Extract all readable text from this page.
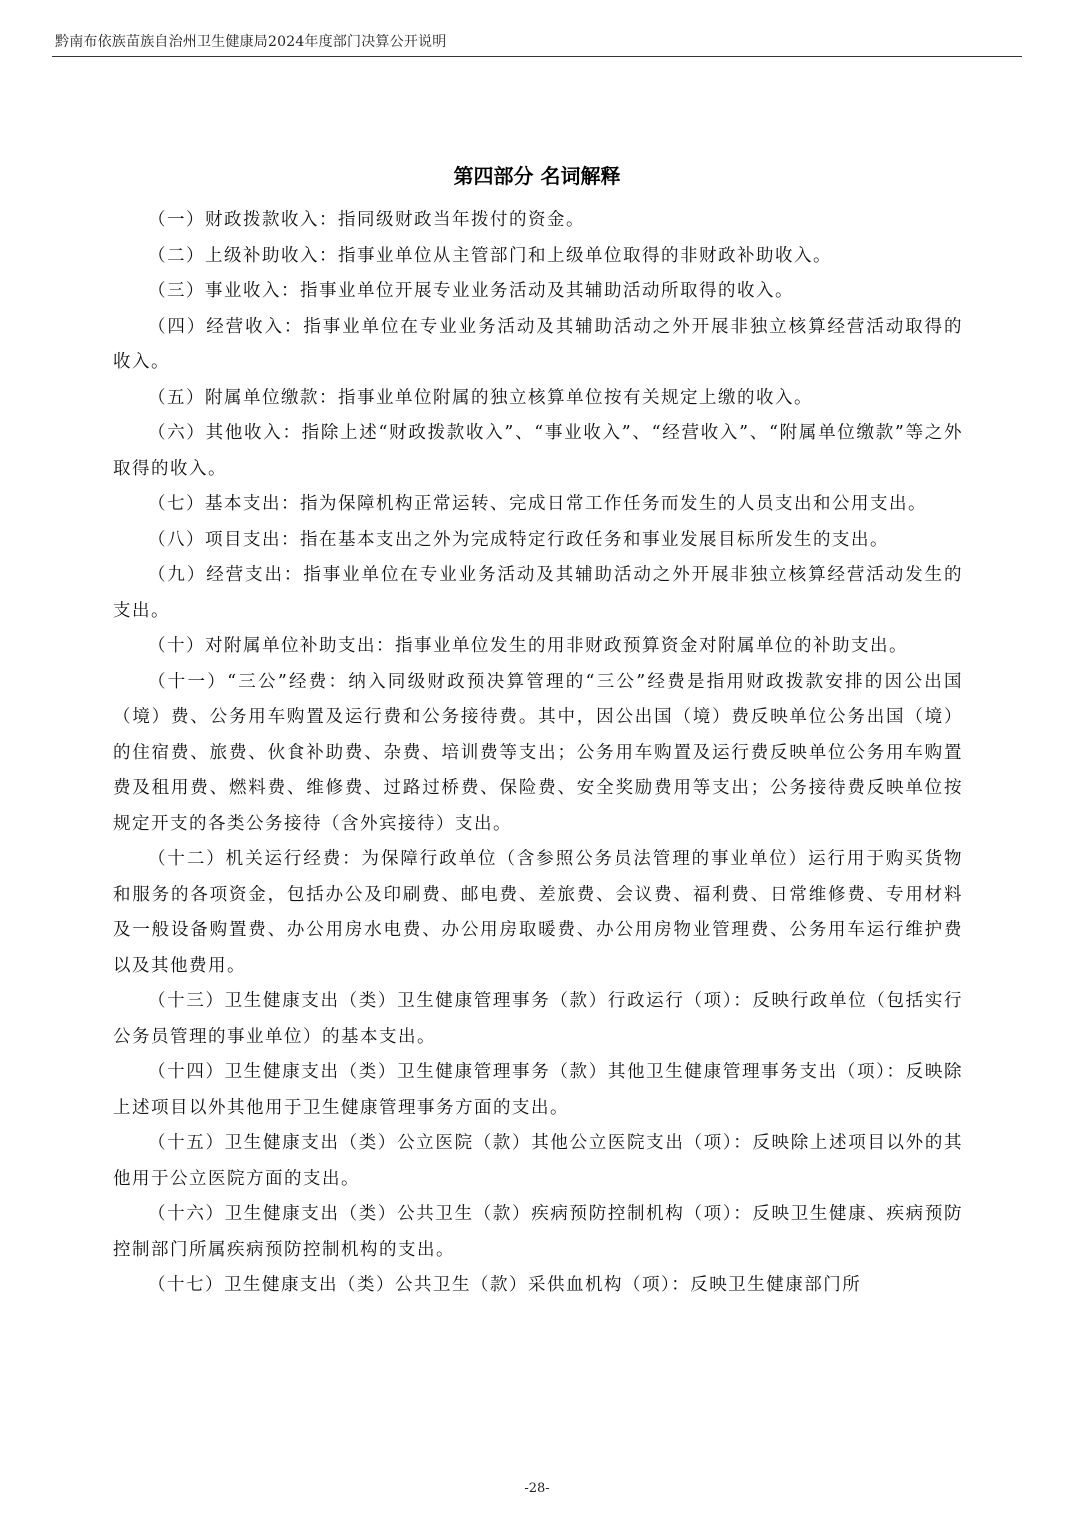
黔南布依族苗族自治州卫生健康局2024年度部门决算公开说明
第四部分 名词解释

（一）财政拨款收入：指同级财政当年拨付的资金。

（二）上级补助收入：指事业单位从主管部门和上级单位取得的非财政补助收入。

（三）事业收入：指事业单位开展专业业务活动及其辅助活动所取得的收入。

（四）经营收入：指事业单位在专业业务活动及其辅助活动之外开展非独立核算经营活动取得的收入。

（五）附属单位缴款：指事业单位附属的独立核算单位按有关规定上缴的收入。

（六）其他收入：指除上述“财政拨款收入”、“事业收入”、“经营收入”、“附属单位缴款”等之外取得的收入。

（七）基本支出：指为保障机构正常运转、完成日常工作任务而发生的人员支出和公用支出。

（八）项目支出：指在基本支出之外为完成特定行政任务和事业发展目标所发生的支出。

（九）经营支出：指事业单位在专业业务活动及其辅助活动之外开展非独立核算经营活动发生的支出。

（十）对附属单位补助支出：指事业单位发生的用非财政预算资金对附属单位的补助支出。

（十一）“三公”经费：纳入同级财政预决算管理的“三公”经费是指用财政拨款安排的因公出国（境）费、公务用车购置及运行费和公务接待费。其中，因公出国（境）费反映单位公务出国（境）的住宿费、旅费、伙食补助费、杂费、培训费等支出；公务用车购置及运行费反映单位公务用车购置费及租用费、燃料费、维修费、过路过桥费、保险费、安全奖励费用等支出；公务接待费反映单位按规定开支的各类公务接待（含外宾接待）支出。

（十二）机关运行经费：为保障行政单位（含参照公务员法管理的事业单位）运行用于购买货物和服务的各项资金，包括办公及印刷费、邮电费、差旅费、会议费、福利费、日常维修费、专用材料及一般设备购置费、办公用房水电费、办公用房取暖费、办公用房物业管理费、公务用车运行维护费以及其他费用。

（十三）卫生健康支出（类）卫生健康管理事务（款）行政运行（项）：反映行政单位（包括实行公务员管理的事业单位）的基本支出。

（十四）卫生健康支出（类）卫生健康管理事务（款）其他卫生健康管理事务支出（项）：反映除上述项目以外其他用于卫生健康管理事务方面的支出。

（十五）卫生健康支出（类）公立医院（款）其他公立医院支出（项）：反映除上述项目以外的其他用于公立医院方面的支出。

（十六）卫生健康支出（类）公共卫生（款）疾病预防控制机构（项）：反映卫生健康、疾病预防控制部门所属疾病预防控制机构的支出。

（十七）卫生健康支出（类）公共卫生（款）采供血机构（项）：反映卫生健康部门所

-28-
